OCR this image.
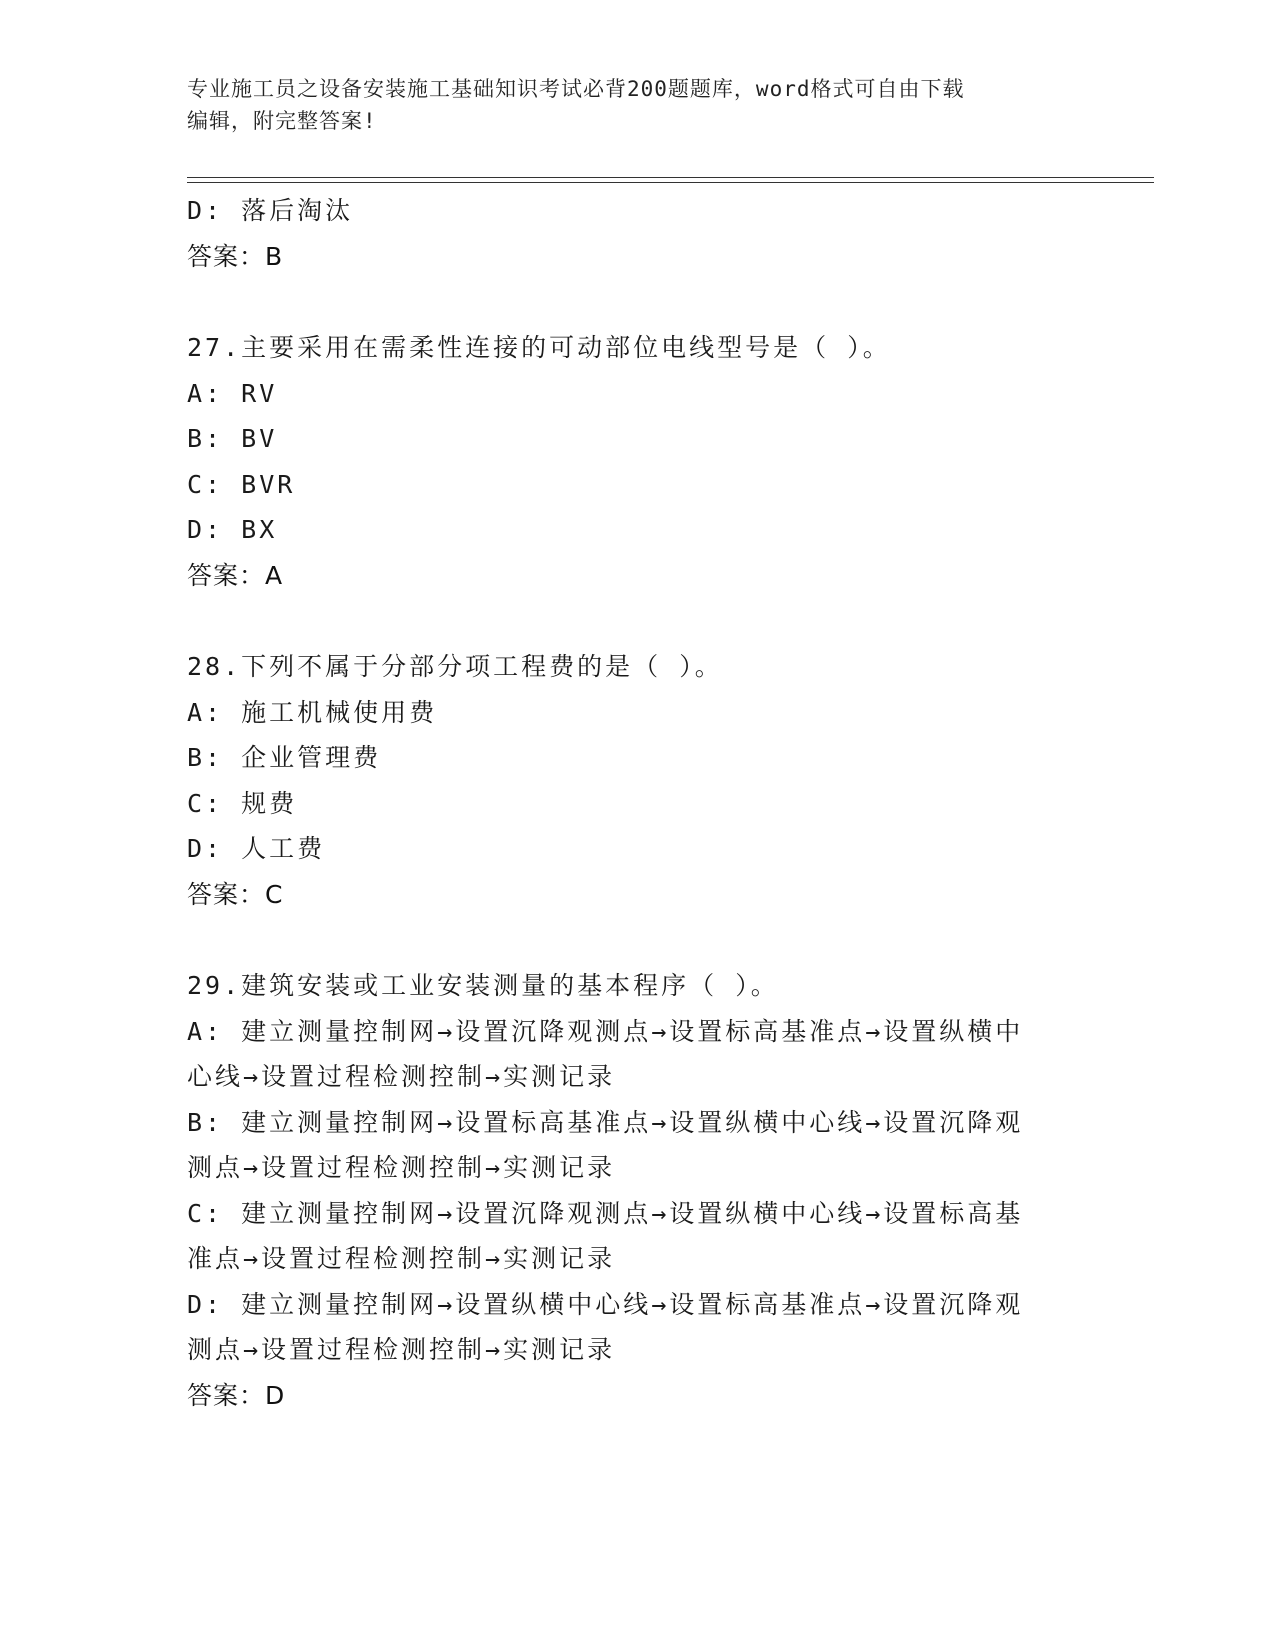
专业施工员之设备安装施工基础知识考试必背200题题库，word格式可自由下载
编辑，附完整答案!
D: 落后淘汰
答案：B
27.主要采用在需柔性连接的可动部位电线型号是（ ）。
A: RV
B: BV
C: BVR
D: BX
答案：A
28.下列不属于分部分项工程费的是（ ）。
A: 施工机械使用费
B: 企业管理费
C: 规费
D: 人工费
答案：C
29.建筑安装或工业安装测量的基本程序（ ）。
A: 建立测量控制网→设置沉降观测点→设置标高基准点→设置纵横中
心线→设置过程检测控制→实测记录
B: 建立测量控制网→设置标高基准点→设置纵横中心线→设置沉降观
测点→设置过程检测控制→实测记录
C: 建立测量控制网→设置沉降观测点→设置纵横中心线→设置标高基
准点→设置过程检测控制→实测记录
D: 建立测量控制网→设置纵横中心线→设置标高基准点→设置沉降观
测点→设置过程检测控制→实测记录
答案：D
